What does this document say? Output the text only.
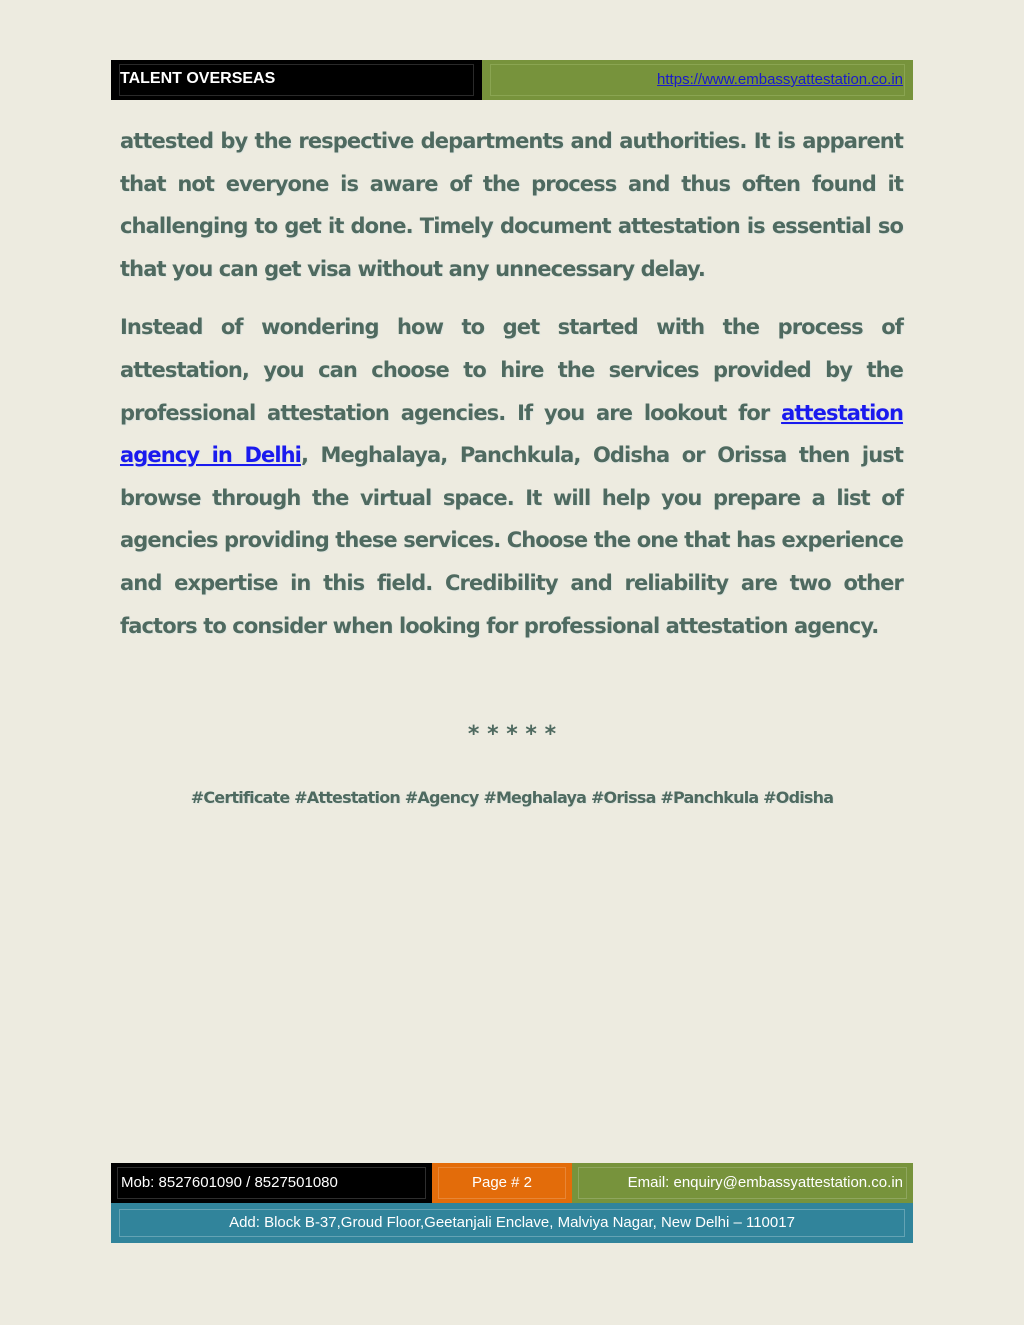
TALENT OVERSEAS	https://www.embassyattestation.co.in

attested by the respective departments and authorities. It is apparent that not everyone is aware of the process and thus often found it challenging to get it done. Timely document attestation is essential so that you can get visa without any unnecessary delay.

Instead of wondering how to get started with the process of attestation, you can choose to hire the services provided by the professional attestation agencies. If you are lookout for attestation agency in Delhi, Meghalaya, Panchkula, Odisha or Orissa then just browse through the virtual space. It will help you prepare a list of agencies providing these services. Choose the one that has experience and expertise in this field. Credibility and reliability are two other factors to consider when looking for professional attestation agency.

* * * * *
#Certificate #Attestation #Agency #Meghalaya #Orissa #Panchkula #Odisha
Mob: 8527601090 / 8527501080	Page # 2	Email: enquiry@embassyattestation.co.in
Add: Block B-37,Groud Floor,Geetanjali Enclave, Malviya Nagar, New Delhi – 110017
